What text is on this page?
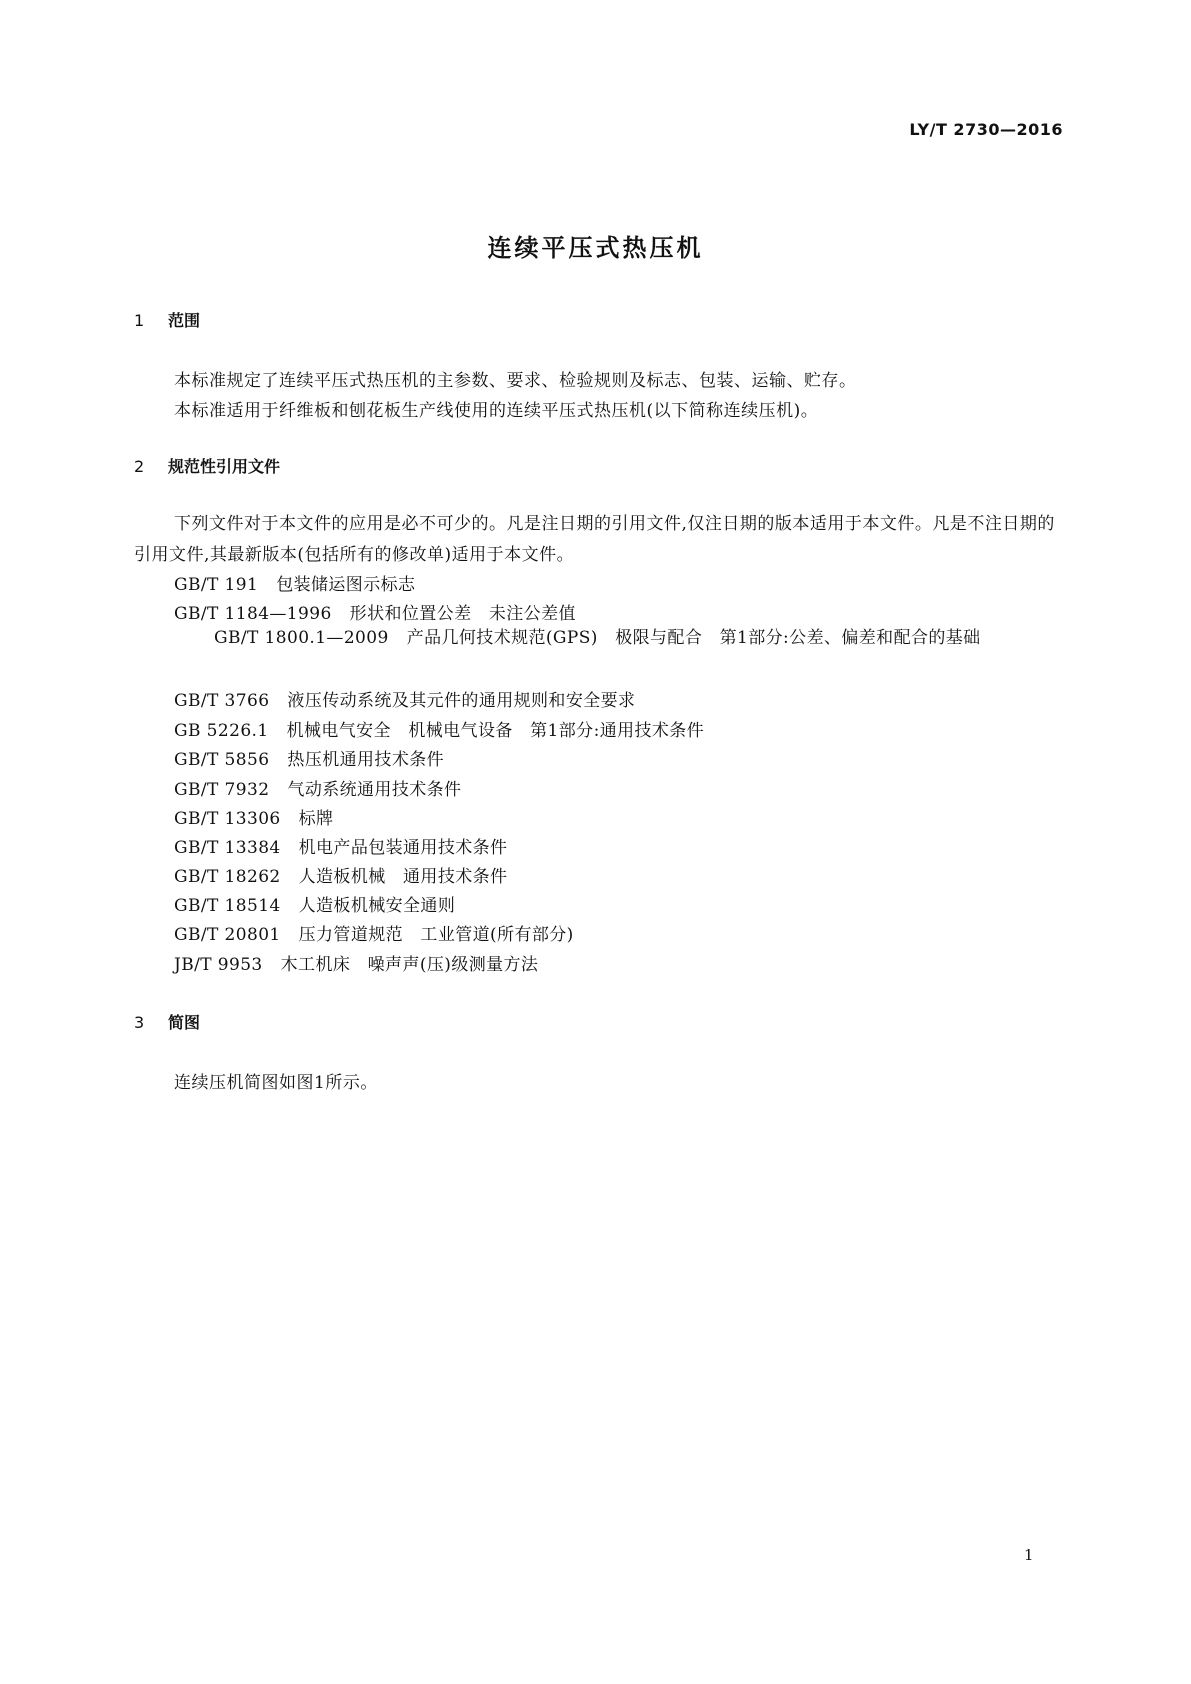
LY/T 2730—2016
连续平压式热压机
1 范围
本标准规定了连续平压式热压机的主参数、要求、检验规则及标志、包装、运输、贮存。
本标准适用于纤维板和刨花板生产线使用的连续平压式热压机(以下简称连续压机)。
2 规范性引用文件
下列文件对于本文件的应用是必不可少的。凡是注日期的引用文件,仅注日期的版本适用于本文件。凡是不注日期的引用文件,其最新版本(包括所有的修改单)适用于本文件。
GB/T 191 包装储运图示标志
GB/T 1184—1996 形状和位置公差　未注公差值
GB/T 1800.1—2009 产品几何技术规范(GPS)　极限与配合　第1部分:公差、偏差和配合的基础
GB/T 3766 液压传动系统及其元件的通用规则和安全要求
GB 5226.1 机械电气安全　机械电气设备　第1部分:通用技术条件
GB/T 5856 热压机通用技术条件
GB/T 7932 气动系统通用技术条件
GB/T 13306 标牌
GB/T 13384 机电产品包装通用技术条件
GB/T 18262 人造板机械　通用技术条件
GB/T 18514 人造板机械安全通则
GB/T 20801 压力管道规范　工业管道(所有部分)
JB/T 9953 木工机床　噪声声(压)级测量方法
3 简图
连续压机简图如图1所示。
1
